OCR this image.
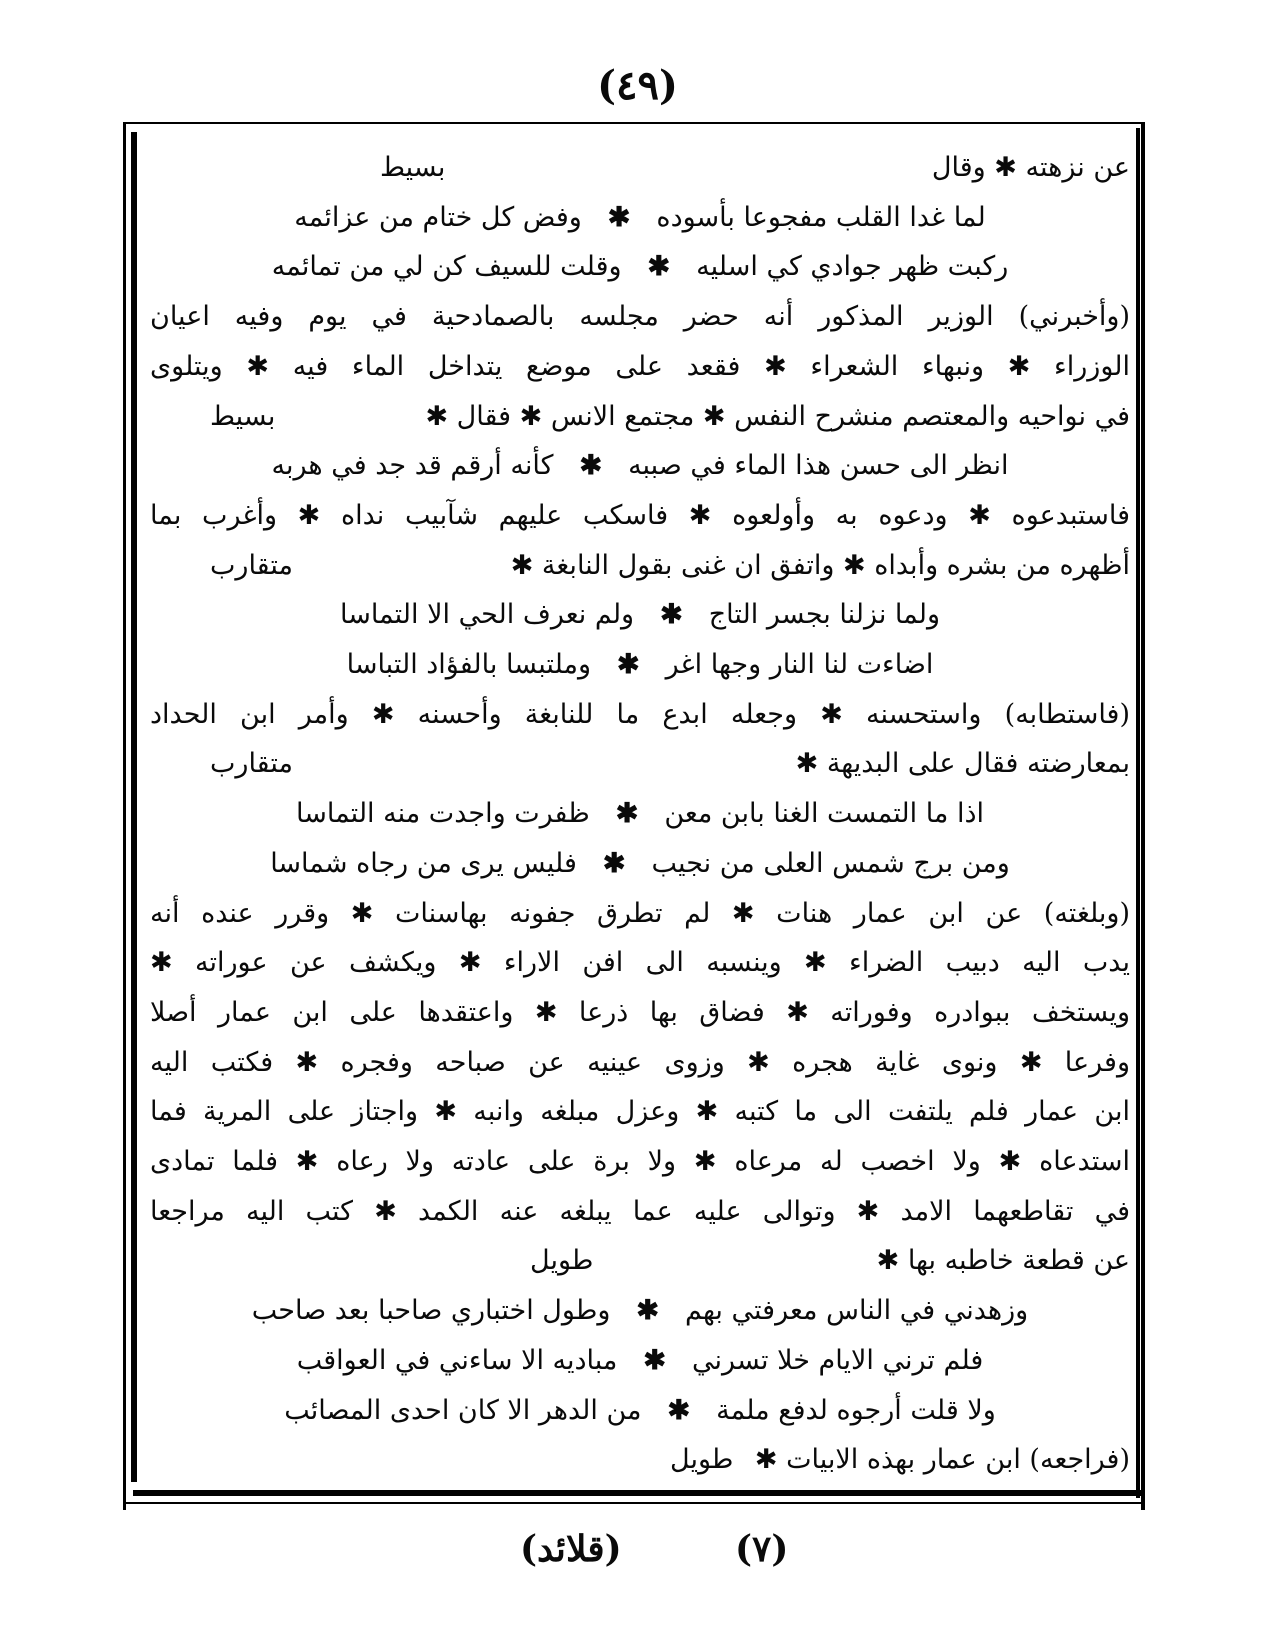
(٤٩)
عن نزهته ✱ وقال
بسيط
لما غدا القلب مفجوعا بأسوده
✱
وفض كل ختام من عزائمه
ركبت ظهر جوادي كي اسليه
✱
وقلت للسيف كن لي من تمائمه
(وأخبرني) الوزير المذكور أنه حضر مجلسه بالصمادحية في يوم وفيه اعيان
الوزراء ✱ ونبهاء الشعراء ✱ فقعد على موضع يتداخل الماء فيه ✱ ويتلوى
في نواحيه والمعتصم منشرح النفس ✱ مجتمع الانس ✱ فقال ✱
بسيط
انظر الى حسن هذا الماء في صببه
✱
كأنه أرقم قد جد في هربه
فاستبدعوه ✱ ودعوه به وأولعوه ✱ فاسكب عليهم شآبيب نداه ✱ وأغرب بما
أظهره من بشره وأبداه ✱ واتفق ان غنى بقول النابغة ✱
متقارب
ولما نزلنا بجسر التاج
✱
ولم نعرف الحي الا التماسا
اضاءت لنا النار وجها اغر
✱
وملتبسا بالفؤاد التباسا
(فاستطابه) واستحسنه ✱ وجعله ابدع ما للنابغة وأحسنه ✱ وأمر ابن الحداد
بمعارضته فقال على البديهة ✱
متقارب
اذا ما التمست الغنا بابن معن
✱
ظفرت واجدت منه التماسا
ومن برج شمس العلى من نجيب
✱
فليس يرى من رجاه شماسا
(وبلغته) عن ابن عمار هنات ✱ لم تطرق جفونه بهاسنات ✱ وقرر عنده أنه
يدب اليه دبيب الضراء ✱ وينسبه الى افن الاراء ✱ ويكشف عن عوراته ✱
ويستخف ببوادره وفوراته ✱ فضاق بها ذرعا ✱ واعتقدها على ابن عمار أصلا
وفرعا ✱ ونوى غاية هجره ✱ وزوى عينيه عن صباحه وفجره ✱ فكتب اليه
ابن عمار فلم يلتفت الى ما كتبه ✱ وعزل مبلغه وانبه ✱ واجتاز على المرية فما
استدعاه ✱ ولا اخصب له مرعاه ✱ ولا برة على عادته ولا رعاه ✱ فلما تمادى
في تقاطعهما الامد ✱ وتوالى عليه عما يبلغه عنه الكمد ✱ كتب اليه مراجعا
عن قطعة خاطبه بها ✱
طويل
وزهدني في الناس معرفتي بهم
✱
وطول اختباري صاحبا بعد صاحب
فلم ترني الايام خلا تسرني
✱
مباديه الا ساءني في العواقب
ولا قلت أرجوه لدفع ملمة
✱
من الدهر الا كان احدى المصائب
(فراجعه) ابن عمار بهذه الابيات ✱
طويل
(قلائد)	(٧)
